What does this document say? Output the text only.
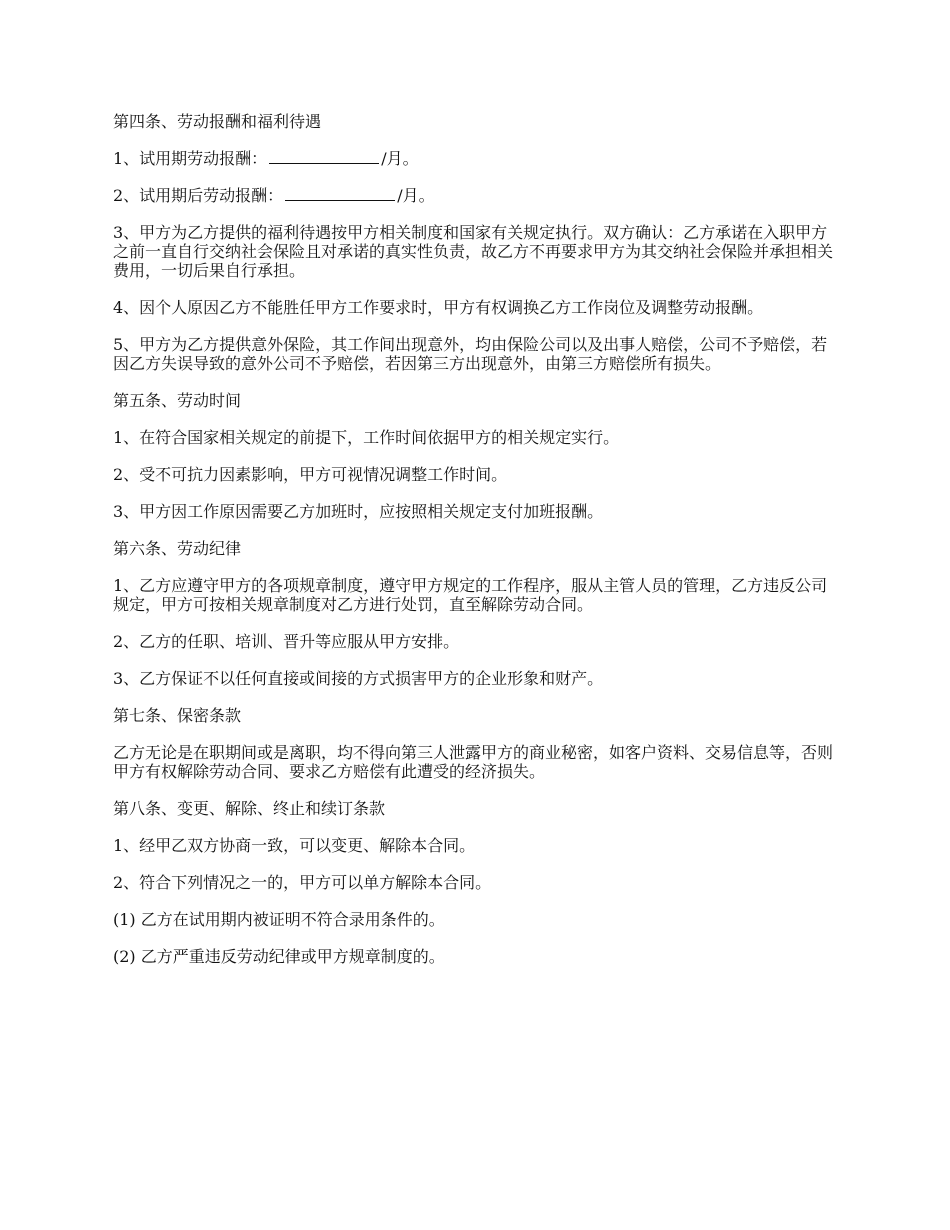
第四条、劳动报酬和福利待遇

1、试用期劳动报酬：	/月。

2、试用期后劳动报酬：	/月。

3、甲方为乙方提供的福利待遇按甲方相关制度和国家有关规定执行。双方确认：乙方承诺在入职甲方之前一直自行交纳社会保险且对承诺的真实性负责，故乙方不再要求甲方为其交纳社会保险并承担相关费用，一切后果自行承担。

4、因个人原因乙方不能胜任甲方工作要求时，甲方有权调换乙方工作岗位及调整劳动报酬。

5、甲方为乙方提供意外保险，其工作间出现意外，均由保险公司以及出事人赔偿，公司不予赔偿，若因乙方失误导致的意外公司不予赔偿，若因第三方出现意外，由第三方赔偿所有损失。

第五条、劳动时间

1、在符合国家相关规定的前提下，工作时间依据甲方的相关规定实行。

2、受不可抗力因素影响，甲方可视情况调整工作时间。

3、甲方因工作原因需要乙方加班时，应按照相关规定支付加班报酬。

第六条、劳动纪律

1、乙方应遵守甲方的各项规章制度，遵守甲方规定的工作程序，服从主管人员的管理，乙方违反公司规定，甲方可按相关规章制度对乙方进行处罚，直至解除劳动合同。

2、乙方的任职、培训、晋升等应服从甲方安排。

3、乙方保证不以任何直接或间接的方式损害甲方的企业形象和财产。

第七条、保密条款

乙方无论是在职期间或是离职，均不得向第三人泄露甲方的商业秘密，如客户资料、交易信息等，否则甲方有权解除劳动合同、要求乙方赔偿有此遭受的经济损失。

第八条、变更、解除、终止和续订条款

1、经甲乙双方协商一致，可以变更、解除本合同。

2、符合下列情况之一的，甲方可以单方解除本合同。

(1) 乙方在试用期内被证明不符合录用条件的。

(2) 乙方严重违反劳动纪律或甲方规章制度的。
